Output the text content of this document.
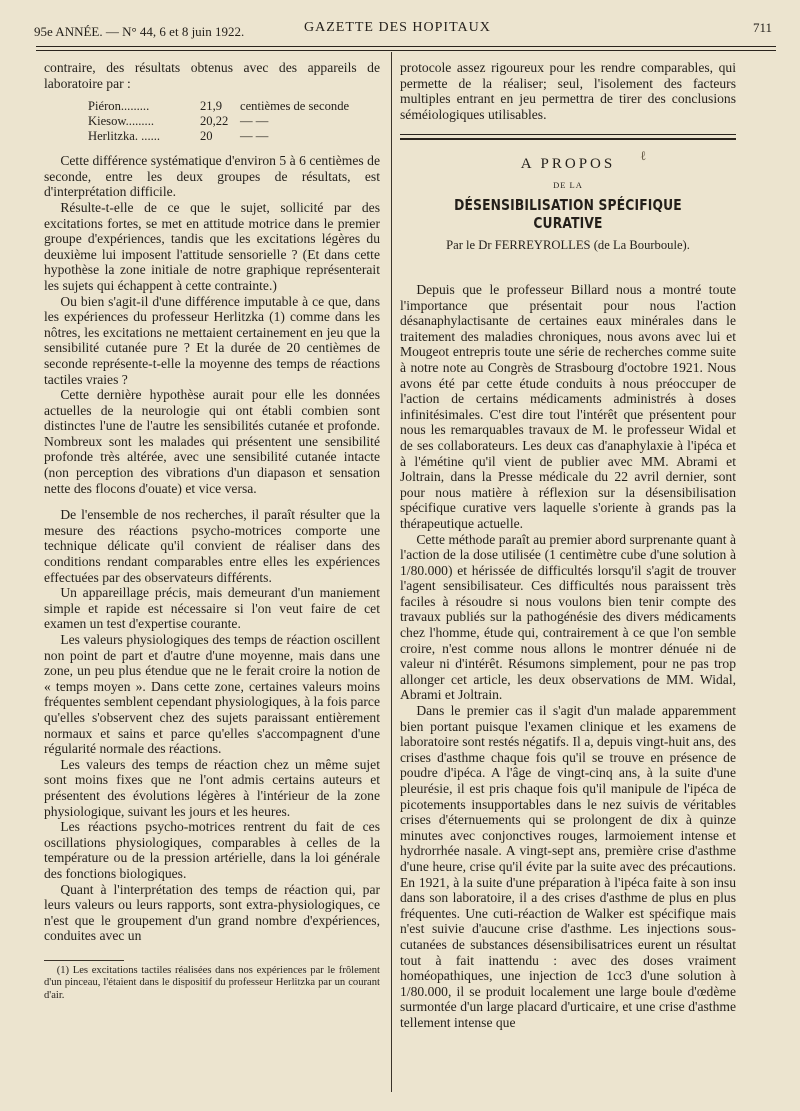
95e ANNÉE. — N° 44, 6 et 8 juin 1922.	GAZETTE DES HOPITAUX	711

contraire, des résultats obtenus avec des appareils de laboratoire par :

Piéron.........	21,9	centièmes de seconde
Kiesow.........	20,22 — —
Herlitzka. ......	20	— —

Cette différence systématique d'environ 5 à 6 centièmes de seconde, entre les deux groupes de résultats, est d'interprétation difficile.

Résulte-t-elle de ce que le sujet, sollicité par des excitations fortes, se met en attitude motrice dans le premier groupe d'expériences, tandis que les excitations légères du deuxième lui imposent l'attitude sensorielle ? (Et dans cette hypothèse la zone initiale de notre graphique représenterait les sujets qui échappent à cette contrainte.)

Ou bien s'agit-il d'une différence imputable à ce que, dans les expériences du professeur Herlitzka (1) comme dans les nôtres, les excitations ne mettaient certainement en jeu que la sensibilité cutanée pure ? Et la durée de 20 centièmes de seconde représente-t-elle la moyenne des temps de réactions tactiles vraies ?

Cette dernière hypothèse aurait pour elle les données actuelles de la neurologie qui ont établi combien sont distinctes l'une de l'autre les sensibilités cutanée et profonde. Nombreux sont les malades qui présentent une sensibilité profonde très altérée, avec une sensibilité cutanée intacte (non perception des vibrations d'un diapason et sensation nette des flocons d'ouate) et vice versa.

De l'ensemble de nos recherches, il paraît résulter que la mesure des réactions psycho-motrices comporte une technique délicate qu'il convient de réaliser dans des conditions rendant comparables entre elles les expériences effectuées par des observateurs différents.

Un appareillage précis, mais demeurant d'un maniement simple et rapide est nécessaire si l'on veut faire de cet examen un test d'expertise courante.

Les valeurs physiologiques des temps de réaction oscillent non point de part et d'autre d'une moyenne, mais dans une zone, un peu plus étendue que ne le ferait croire la notion de « temps moyen ». Dans cette zone, certaines valeurs moins fréquentes semblent cependant physiologiques, à la fois parce qu'elles s'observent chez des sujets paraissant entièrement normaux et sains et parce qu'elles s'accompagnent d'une régularité normale des réactions.

Les valeurs des temps de réaction chez un même sujet sont moins fixes que ne l'ont admis certains auteurs et présentent des évolutions légères à l'intérieur de la zone physiologique, suivant les jours et les heures.

Les réactions psycho-motrices rentrent du fait de ces oscillations physiologiques, comparables à celles de la température ou de la pression artérielle, dans la loi générale des fonctions biologiques.

Quant à l'interprétation des temps de réaction qui, par leurs valeurs ou leurs rapports, sont extra-physiologiques, ce n'est que le groupement d'un grand nombre d'expériences, conduites avec un

(1) Les excitations tactiles réalisées dans nos expériences par le frôlement d'un pinceau, l'étaient dans le dispositif du professeur Herlitzka par un courant d'air.

protocole assez rigoureux pour les rendre comparables, qui permette de la réaliser; seul, l'isolement des facteurs multiples entrant en jeu permettra de tirer des conclusions séméiologiques utilisables.

A PROPOS	ℓ
DE LA
DÉSENSIBILISATION SPÉCIFIQUE CURATIVE
Par le Dr FERREYROLLES (de La Bourboule).

Depuis que le professeur Billard nous a montré toute l'importance que présentait pour nous l'action désanaphylactisante de certaines eaux minérales dans le traitement des maladies chroniques, nous avons avec lui et Mougeot entrepris toute une série de recherches comme suite à notre note au Congrès de Strasbourg d'octobre 1921. Nous avons été par cette étude conduits à nous préoccuper de l'action de certains médicaments administrés à doses infinitésimales. C'est dire tout l'intérêt que présentent pour nous les remarquables travaux de M. le professeur Widal et de ses collaborateurs. Les deux cas d'anaphylaxie à l'ipéca et à l'émétine qu'il vient de publier avec MM. Abrami et Joltrain, dans la Presse médicale du 22 avril dernier, sont pour nous matière à réflexion sur la désensibilisation spécifique curative vers laquelle s'oriente à grands pas la thérapeutique actuelle.

Cette méthode paraît au premier abord surprenante quant à l'action de la dose utilisée (1 centimètre cube d'une solution à 1/80.000) et hérissée de difficultés lorsqu'il s'agit de trouver l'agent sensibilisateur. Ces difficultés nous paraissent très faciles à résoudre si nous voulons bien tenir compte des travaux publiés sur la pathogénésie des divers médicaments chez l'homme, étude qui, contrairement à ce que l'on semble croire, n'est comme nous allons le montrer dénuée ni de valeur ni d'intérêt. Résumons simplement, pour ne pas trop allonger cet article, les deux observations de MM. Widal, Abrami et Joltrain.

Dans le premier cas il s'agit d'un malade apparemment bien portant puisque l'examen clinique et les examens de laboratoire sont restés négatifs. Il a, depuis vingt-huit ans, des crises d'asthme chaque fois qu'il se trouve en présence de poudre d'ipéca. A l'âge de vingt-cinq ans, à la suite d'une pleurésie, il est pris chaque fois qu'il manipule de l'ipéca de picotements insupportables dans le nez suivis de véritables crises d'éternuements qui se prolongent de dix à quinze minutes avec conjonctives rouges, larmoiement intense et hydrorrhée nasale. A vingt-sept ans, première crise d'asthme d'une heure, crise qu'il évite par la suite avec des précautions. En 1921, à la suite d'une préparation à l'ipéca faite à son insu dans son laboratoire, il a des crises d'asthme de plus en plus fréquentes. Une cuti-réaction de Walker est spécifique mais n'est suivie d'aucune crise d'asthme. Les injections sous-cutanées de substances désensibilisatrices eurent un résultat tout à fait inattendu : avec des doses vraiment homéopathiques, une injection de 1cc3 d'une solution à 1/80.000, il se produit localement une large boule d'œdème surmontée d'un large placard d'urticaire, et une crise d'asthme tellement intense que
